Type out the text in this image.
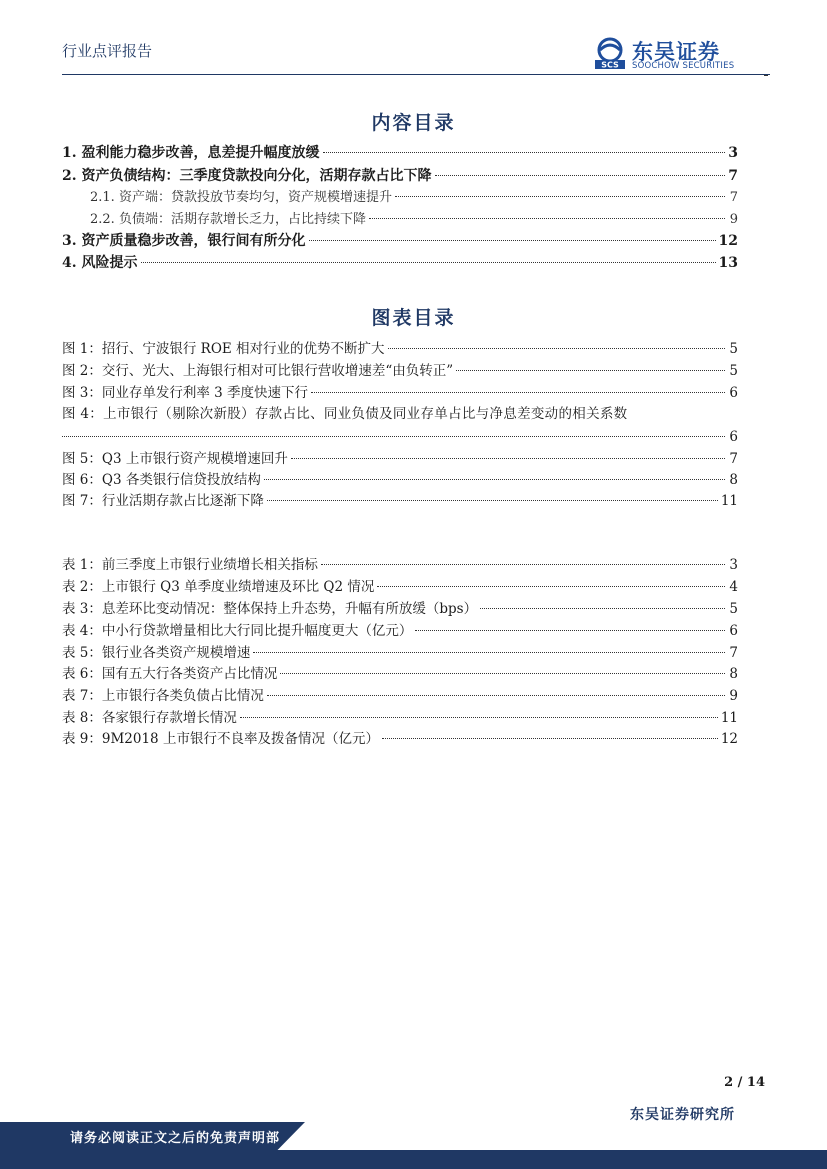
行业点评报告
SCS
东吴证券
SOOCHOW SECURITIES
内容目录
1. 盈利能力稳步改善，息差提升幅度放缓	3
2. 资产负债结构：三季度贷款投向分化，活期存款占比下降	7
2.1. 资产端：贷款投放节奏均匀，资产规模增速提升	7
2.2. 负债端：活期存款增长乏力，占比持续下降	9
3. 资产质量稳步改善，银行间有所分化	12
4. 风险提示	13
图表目录
图 1：招行、宁波银行 ROE 相对行业的优势不断扩大	5
图 2：交行、光大、上海银行相对可比银行营收增速差“由负转正”	5
图 3：同业存单发行利率 3 季度快速下行	6
图 4：上市银行（剔除次新股）存款占比、同业负债及同业存单占比与净息差变动的相关系数
6
图 5：Q3 上市银行资产规模增速回升	7
图 6：Q3 各类银行信贷投放结构	8
图 7：行业活期存款占比逐渐下降	11
表 1：前三季度上市银行业绩增长相关指标	3
表 2：上市银行 Q3 单季度业绩增速及环比 Q2 情况	4
表 3：息差环比变动情况：整体保持上升态势，升幅有所放缓（bps）	5
表 4：中小行贷款增量相比大行同比提升幅度更大（亿元）	6
表 5：银行业各类资产规模增速	7
表 6：国有五大行各类资产占比情况	8
表 7：上市银行各类负债占比情况	9
表 8：各家银行存款增长情况	11
表 9：9M2018 上市银行不良率及拨备情况（亿元）	12
2 / 14
东吴证券研究所
请务必阅读正文之后的免责声明部
